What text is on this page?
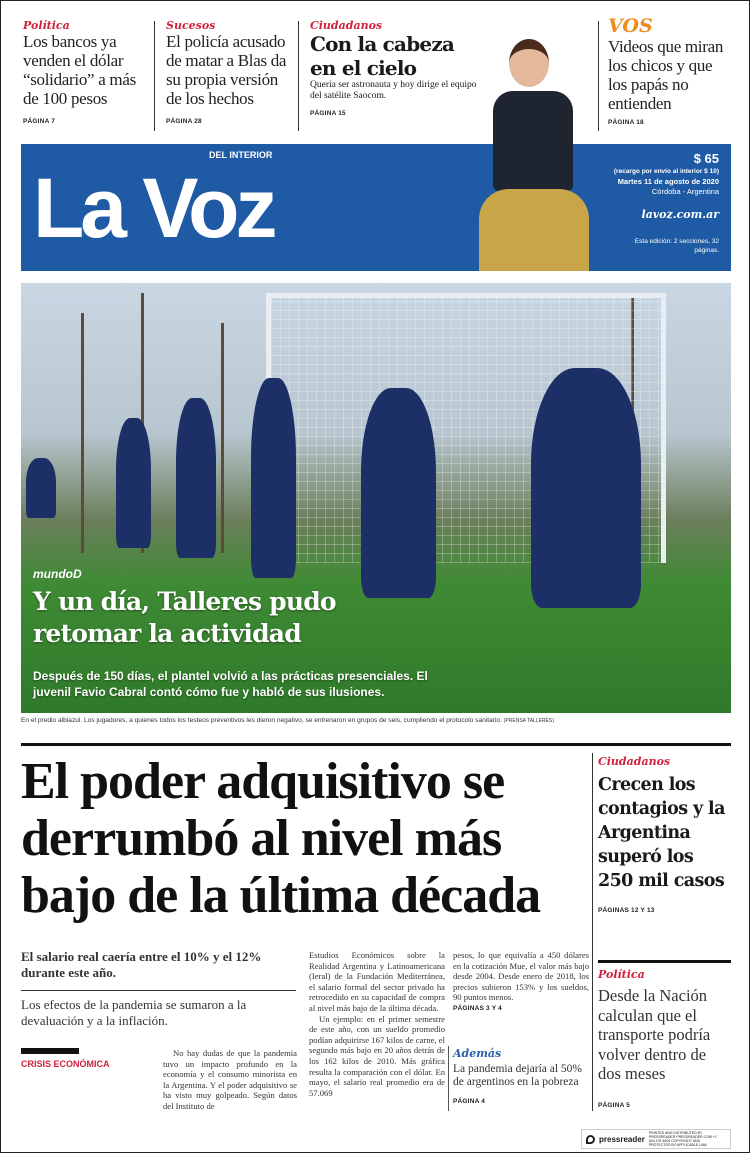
Política
Los bancos ya venden el dólar “solidario” a más de 100 pesos
PÁGINA 7
Sucesos
El policía acusado de matar a Blas da su propia versión de los hechos
PÁGINA 28
Ciudadanos
Con la cabeza en el cielo
Quería ser astronauta y hoy dirige el equipo del satélite Saocom.
PÁGINA 15
VOS
Videos que miran los chicos y que los papás no entienden
PÁGINA 18
DEL INTERIOR
La Voz
$ 65
(recargo por envío al interior $ 10)
Martes 11 de agosto de 2020
Córdoba - Argentina
lavoz.com.ar
Esta edición: 2 secciones, 32 páginas.
mundoD
Y un día, Talleres pudo retomar la actividad
Después de 150 días, el plantel volvió a las prácticas presenciales. El juvenil Favio Cabral contó cómo fue y habló de sus ilusiones.
En el predio albiazul. Los jugadores, a quienes todos los testeos preventivos les dieron negativo, se entrenaron en grupos de seis, cumpliendo el protocolo sanitario. (PRENSA TALLERES)
El poder adquisitivo se derrumbó al nivel más bajo de la última década
El salario real caería entre el 10% y el 12% durante este año.
Los efectos de la pandemia se sumaron a la devaluación y a la inflación.
CRISIS ECONÓMICA
No hay dudas de que la pandemia tuvo un impacto profundo en la economía y el consumo minorista en la Argentina. Y el poder adquisitivo se ha visto muy golpeado. Según datos del Instituto de
Estudios Económicos sobre la Realidad Argentina y Latinoamericana (Ieral) de la Fundación Mediterránea, el salario formal del sector privado ha retrocedido en su capacidad de compra al nivel más bajo de la última década.
Un ejemplo: en el primer semestre de este año, con un sueldo promedio podían adquirirse 167 kilos de carne, el segundo más bajo en 20 años detrás de los 162 kilos de 2010. Más gráfica resulta la comparación con el dólar. En mayo, el salario real promedio era de 57.069
pesos, lo que equivalía a 450 dólares en la cotización Mue, el valor más bajo desde 2004. Desde enero de 2018, los precios subieron 153% y los sueldos, 90 puntos menos.
PÁGINAS 3 Y 4
Además
La pandemia dejaría al 50% de argentinos en la pobreza
PÁGINA 4
Ciudadanos
Crecen los contagios y la Argentina superó los 250 mil casos
PÁGINAS 12 Y 13
Política
Desde la Nación calculan que el transporte podría volver dentro de dos meses
PÁGINA 5
pressreader
PRINTED AND DISTRIBUTED BY PRESSREADER PRESSREADER.COM +1 604 278 4604 COPYRIGHT AND PROTECTED BY APPLICABLE LAW
